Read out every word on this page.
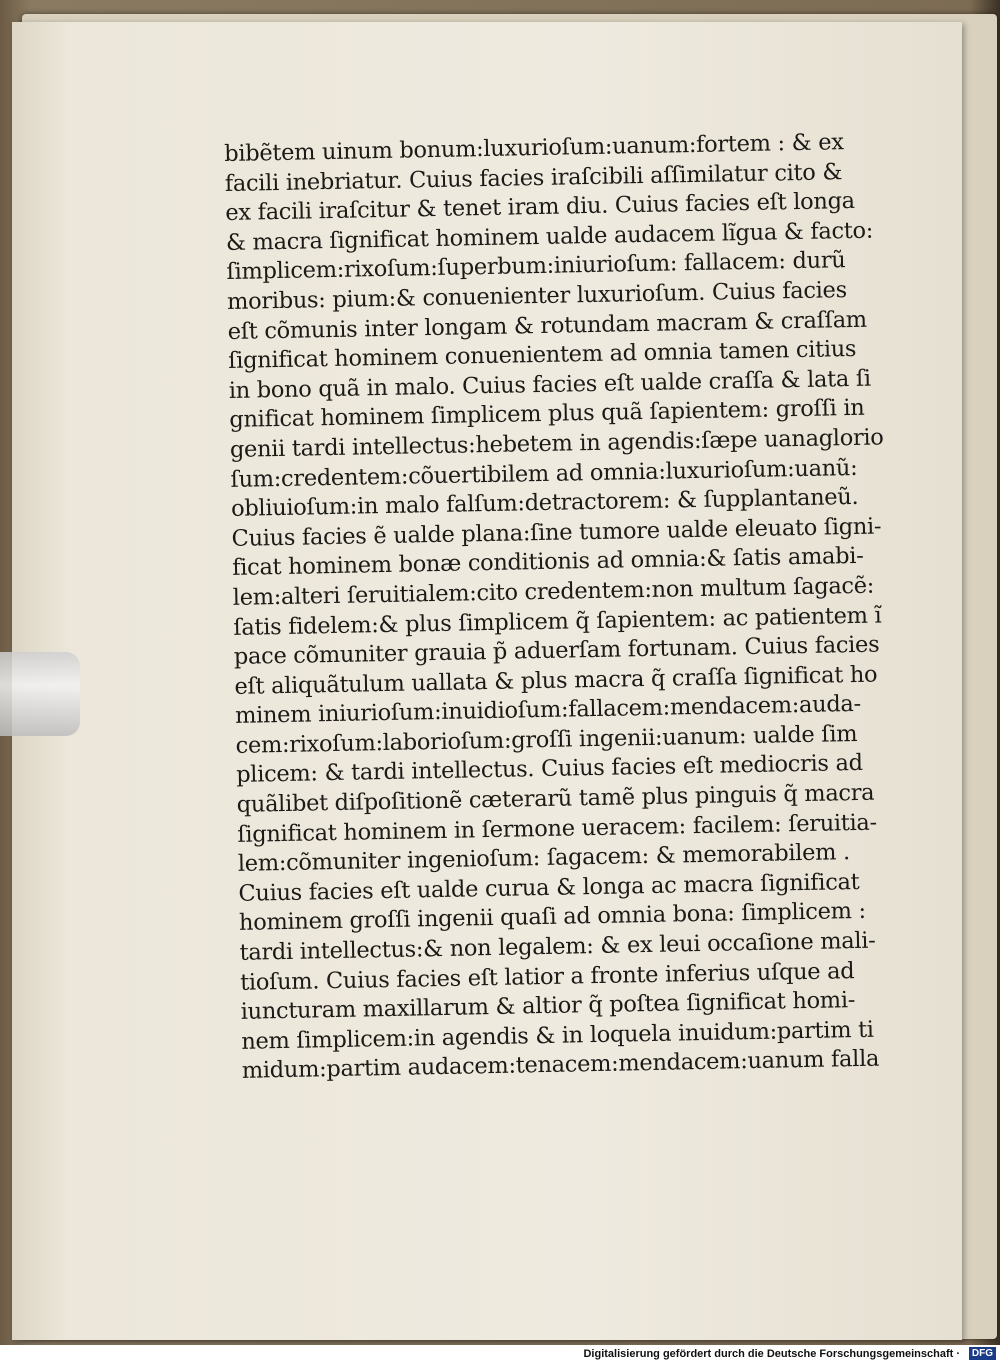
bibẽtem uinum bonum:luxurioſum:uanum:fortem : & ex
facili inebriatur. Cuius facies iraſcibili aſſimilatur cito &
ex facili iraſcitur & tenet iram diu. Cuius facies eſt longa
& macra ſignificat hominem ualde audacem lĩgua & facto:
ſimplicem:rixoſum:ſuperbum:iniurioſum: fallacem: durũ
moribus: pium:& conuenienter luxurioſum. Cuius facies
eſt cõmunis inter longam & rotundam macram & craſſam
ſignificat hominem conuenientem ad omnia tamen citius
in bono quã in malo. Cuius facies eſt ualde craſſa & lata ſi
gnificat hominem ſimplicem plus quã ſapientem: groſſi in
genii tardi intellectus:hebetem in agendis:ſæpe uanaglorio
ſum:credentem:cõuertibilem ad omnia:luxurioſum:uanũ:
obliuioſum:in malo falſum:detractorem: & ſupplantaneũ.
Cuius facies ẽ ualde plana:ſine tumore ualde eleuato ſigni-
ficat hominem bonæ conditionis ad omnia:& ſatis amabi-
lem:alteri ſeruitialem:cito credentem:non multum ſagacẽ:
ſatis fidelem:& plus ſimplicem q̃ ſapientem: ac patientem ĩ
pace cõmuniter grauia p̃ aduerſam fortunam. Cuius facies
eſt aliquãtulum uallata & plus macra q̃ craſſa ſignificat ho
minem iniurioſum:inuidioſum:fallacem:mendacem:auda-
cem:rixoſum:laborioſum:groſſi ingenii:uanum: ualde ſim
plicem: & tardi intellectus. Cuius facies eſt mediocris ad
quãlibet diſpoſitionẽ cæterarũ tamẽ plus pinguis q̃ macra
ſignificat hominem in ſermone ueracem: facilem: ſeruitia-
lem:cõmuniter ingenioſum: ſagacem: & memorabilem .
Cuius facies eſt ualde curua & longa ac macra ſignificat
hominem groſſi ingenii quaſi ad omnia bona: ſimplicem :
tardi intellectus:& non legalem: & ex leui occaſione mali-
tioſum. Cuius facies eſt latior a fronte inferius uſque ad
iuncturam maxillarum & altior q̃ poſtea ſignificat homi-
nem ſimplicem:in agendis & in loquela inuidum:partim ti
midum:partim audacem:tenacem:mendacem:uanum falla
Digitalisierung gefördert durch die Deutsche Forschungsgemeinschaft ·	DFG
